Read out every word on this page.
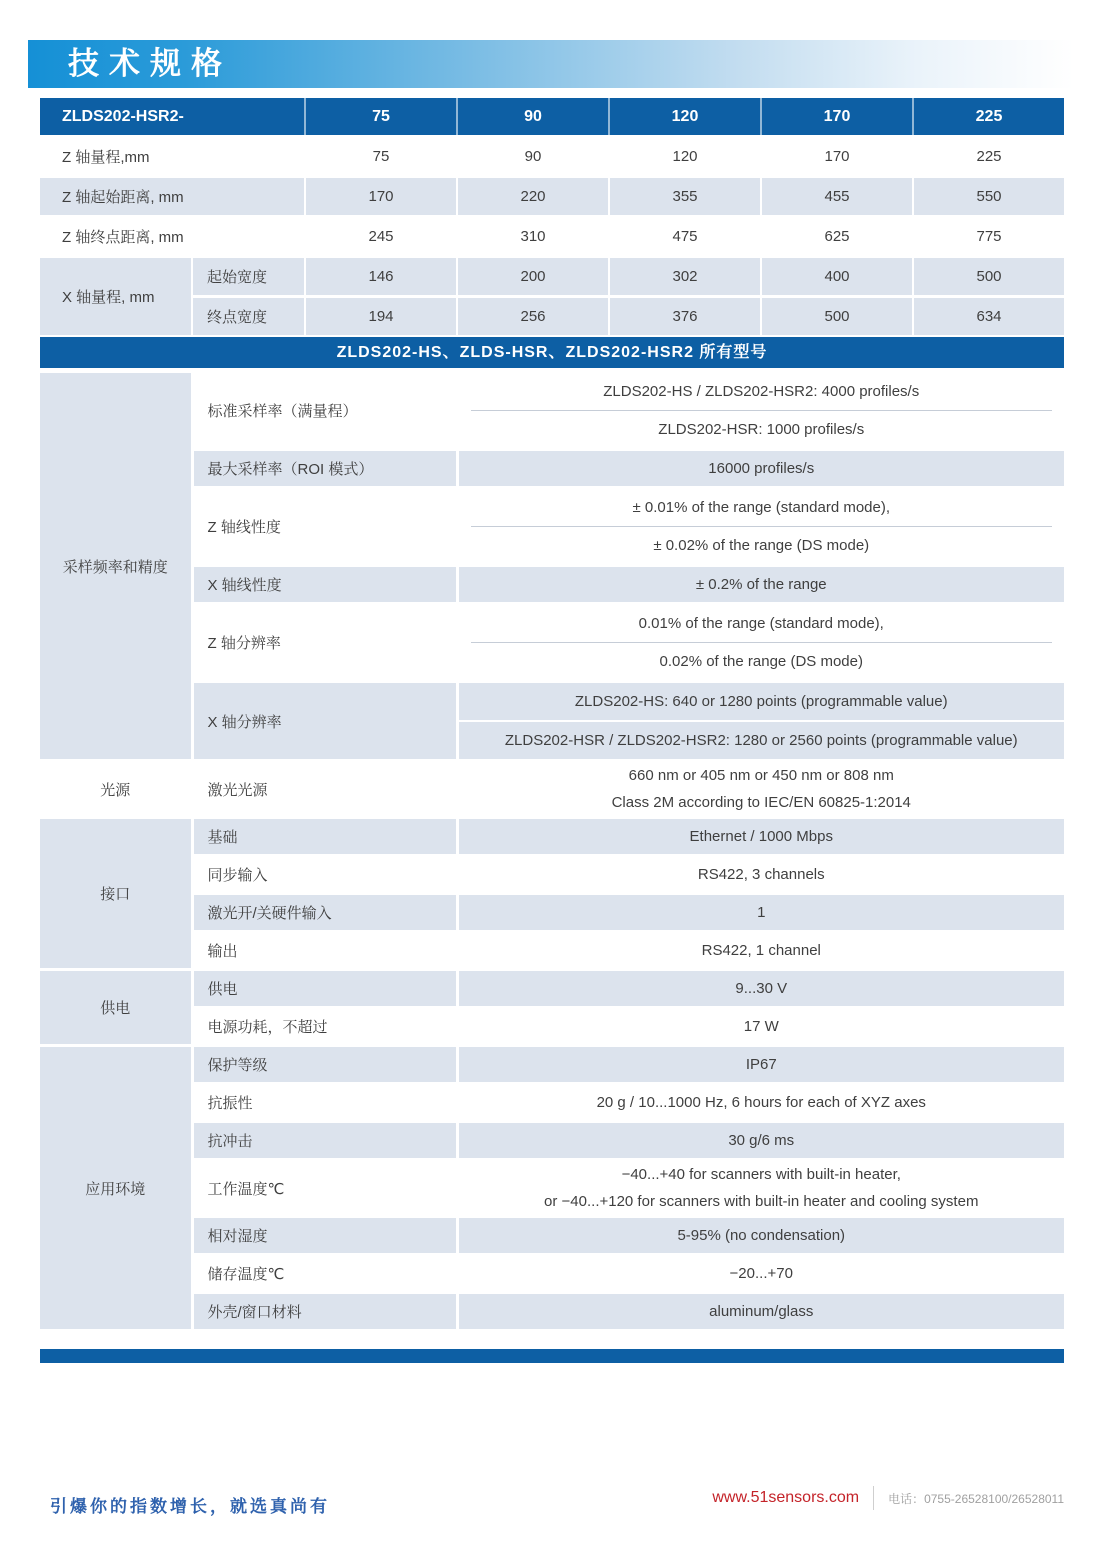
技术规格
ZLDS202-HSR2-		75	90	120	170	225
Z 轴量程,mm		75	90	120	170	225
Z 轴起始距离, mm		170	220	355	455	550
Z 轴终点距离, mm		245	310	475	625	775
X 轴量程, mm	起始宽度	146	200	302	400	500
	终点宽度	194	256	376	500	634
ZLDS202-HS、ZLDS-HSR、ZLDS202-HSR2 所有型号
采样频率和精度	标准采样率（满量程）	ZLDS202-HS / ZLDS202-HSR2: 4000 profiles/s
ZLDS202-HSR: 1000 profiles/s

	最大采样率（ROI 模式）	16000 profiles/s
	Z 轴线性度	± 0.01% of the range (standard mode),
± 0.02% of the range (DS mode)

	X 轴线性度	± 0.2% of the range
	Z 轴分辨率	0.01% of the range (standard mode),
0.02% of the range (DS mode)

	X 轴分辨率	ZLDS202-HS: 640 or 1280 points (programmable value)
ZLDS202-HSR / ZLDS202-HSR2: 1280 or 2560 points (programmable value)

光源	激光光源	660 nm or 405 nm or 450 nm or 808 nm
Class 2M according to IEC/EN 60825-1:2014

接口	基础	Ethernet / 1000 Mbps
	同步输入	RS422, 3 channels
	激光开/关硬件输入	1
	输出	RS422, 1 channel
供电	供电	9...30 V
	电源功耗，不超过	17 W
应用环境	保护等级	IP67
	抗振性	20 g / 10...1000 Hz, 6 hours for each of XYZ axes
	抗冲击	30 g/6 ms
	工作温度℃	−40...+40 for scanners with built-in heater,
or −40...+120 for scanners with built-in heater and cooling system

	相对湿度	5-95% (no condensation)
	储存温度℃	−20...+70
	外壳/窗口材料	aluminum/glass
引爆你的指数增长，就选真尚有	www.51sensors.com 电话：0755-26528100/26528011
